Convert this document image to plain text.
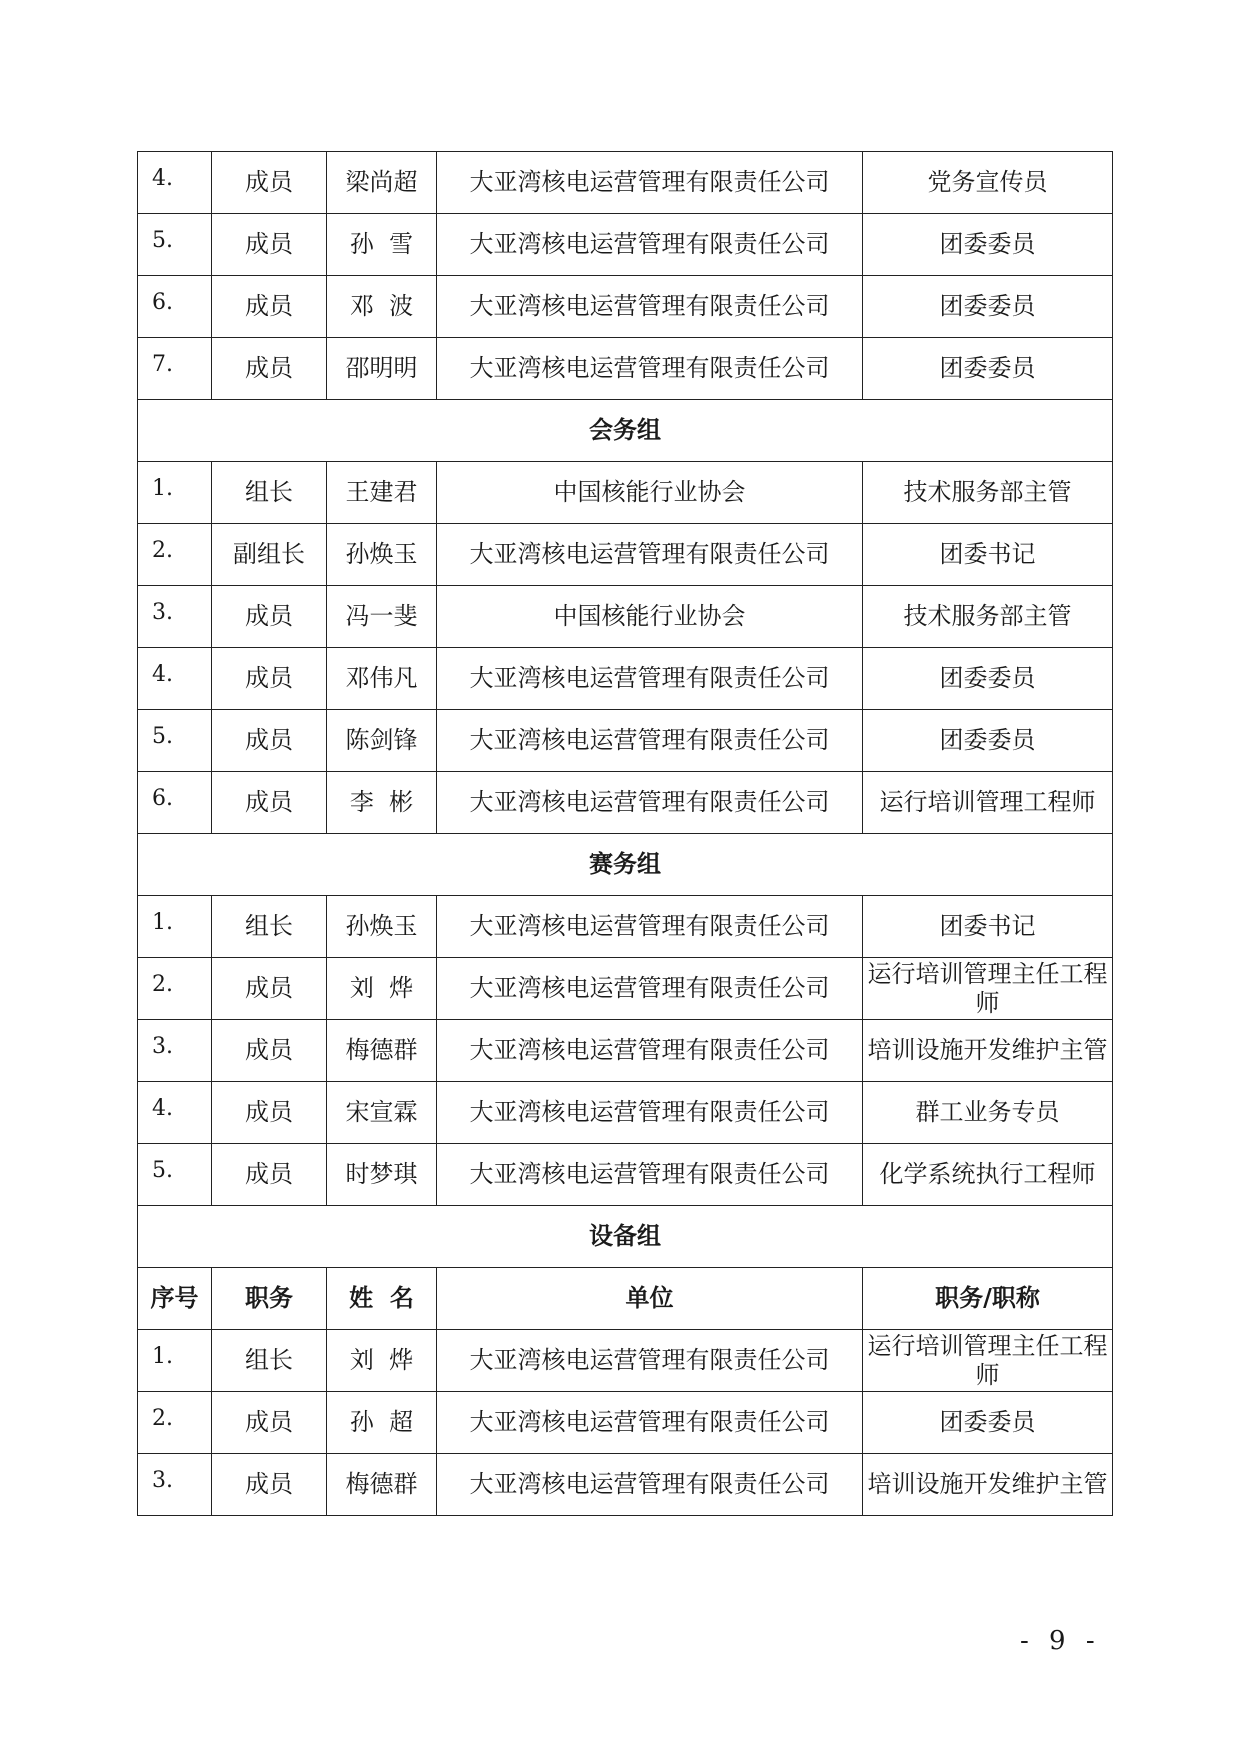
4.	成员	梁尚超	大亚湾核电运营管理有限责任公司	党务宣传员
5.	成员	孙  雪	大亚湾核电运营管理有限责任公司	团委委员
6.	成员	邓  波	大亚湾核电运营管理有限责任公司	团委委员
7.	成员	邵明明	大亚湾核电运营管理有限责任公司	团委委员
会务组				
1.	组长	王建君	中国核能行业协会	技术服务部主管
2.	副组长	孙焕玉	大亚湾核电运营管理有限责任公司	团委书记
3.	成员	冯一斐	中国核能行业协会	技术服务部主管
4.	成员	邓伟凡	大亚湾核电运营管理有限责任公司	团委委员
5.	成员	陈剑锋	大亚湾核电运营管理有限责任公司	团委委员
6.	成员	李  彬	大亚湾核电运营管理有限责任公司	运行培训管理工程师
赛务组				
1.	组长	孙焕玉	大亚湾核电运营管理有限责任公司	团委书记
2.	成员	刘  烨	大亚湾核电运营管理有限责任公司	运行培训管理主任工程师
3.	成员	梅德群	大亚湾核电运营管理有限责任公司	培训设施开发维护主管
4.	成员	宋宣霖	大亚湾核电运营管理有限责任公司	群工业务专员
5.	成员	时梦琪	大亚湾核电运营管理有限责任公司	化学系统执行工程师
设备组				
序号	职务	姓  名	单位	职务/职称
1.	组长	刘  烨	大亚湾核电运营管理有限责任公司	运行培训管理主任工程师
2.	成员	孙  超	大亚湾核电运营管理有限责任公司	团委委员
3.	成员	梅德群	大亚湾核电运营管理有限责任公司	培训设施开发维护主管
- 9 -
